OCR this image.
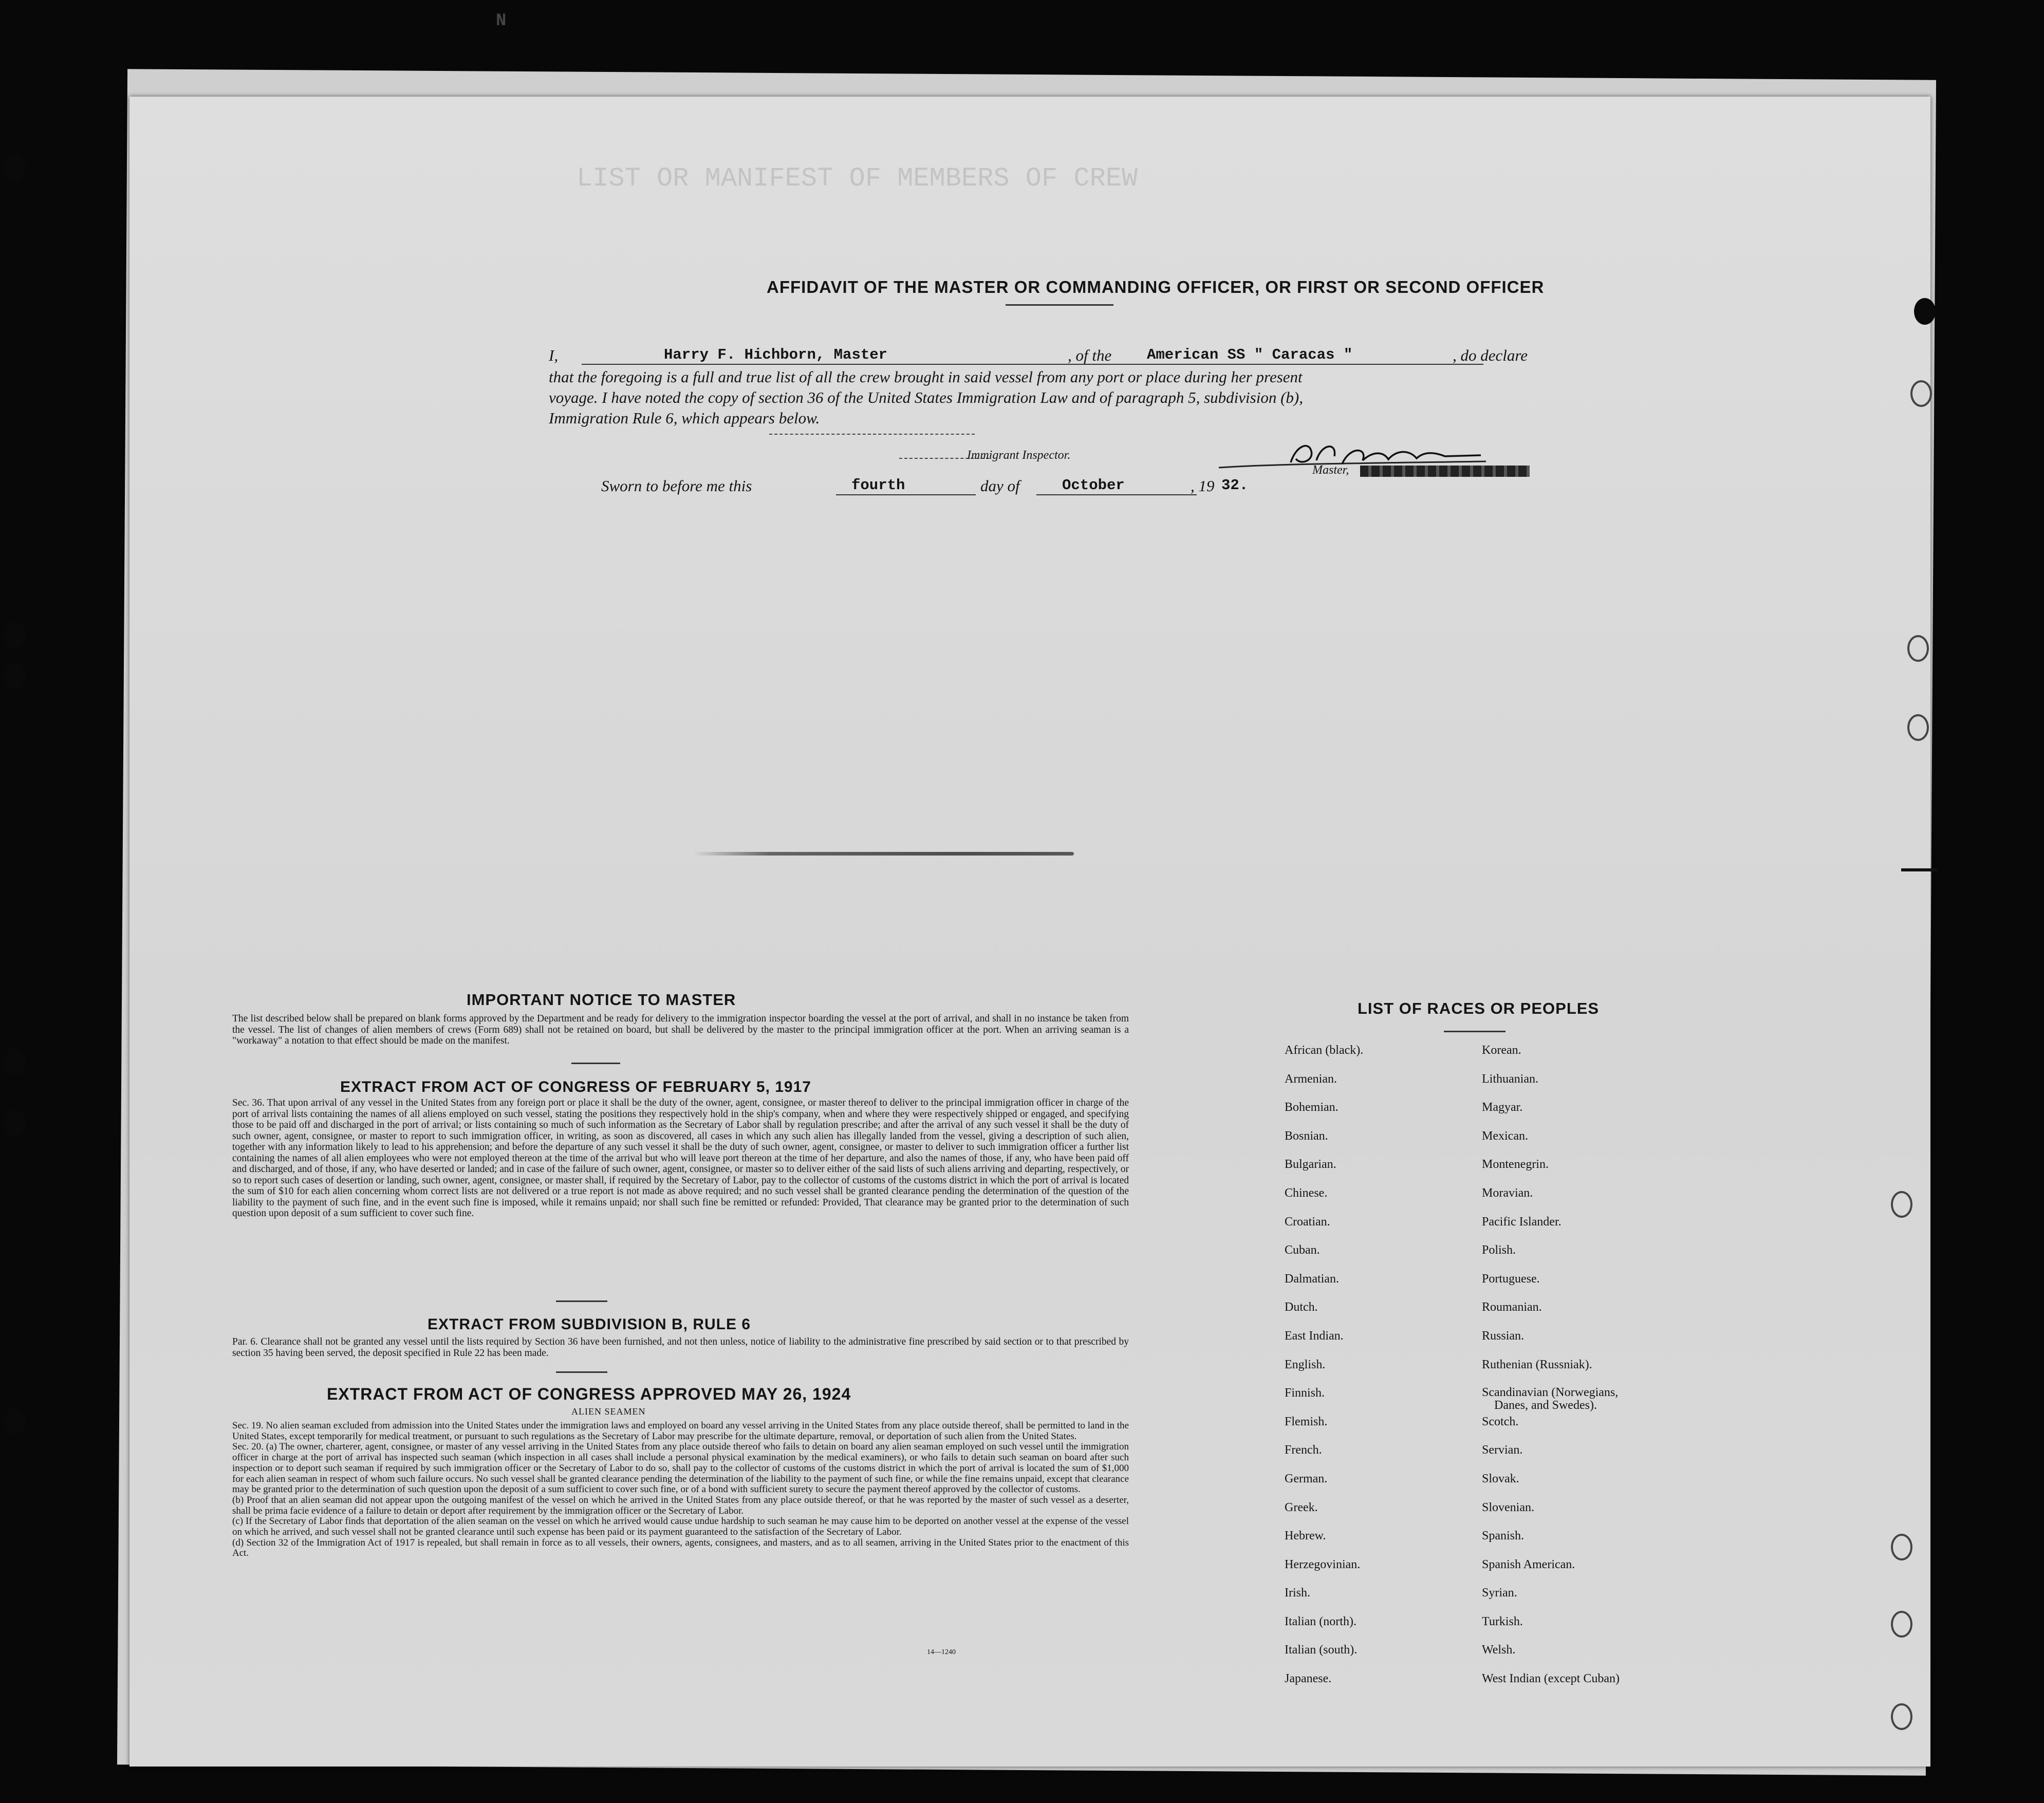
N
LIST OR MANIFEST OF MEMBERS OF CREW
AFFIDAVIT OF THE MASTER OR COMMANDING OFFICER, OR FIRST OR SECOND OFFICER
I,	Harry F. Hichborn, Master	, of the American SS " Caracas "	, do declare
that the foregoing is a full and true list of all the crew brought in said vessel from any port or place during her present
voyage. I have noted the copy of section 36 of the United States Immigration Law and of paragraph 5, subdivision (b),
Immigration Rule 6, which appears below.
Master,
Sworn to before me this	fourth	day of	October	, 19 32.
Immigrant Inspector.
IMPORTANT NOTICE TO MASTER
The list described below shall be prepared on blank forms approved by the Department and be ready for delivery to the immigration inspector boarding the vessel at the port of arrival, and shall in no instance be taken from the vessel. The list of changes of alien members of crews (Form 689) shall not be retained on board, but shall be delivered by the master to the principal immigration officer at the port. When an arriving seaman is a "workaway" a notation to that effect should be made on the manifest.
EXTRACT FROM ACT OF CONGRESS OF FEBRUARY 5, 1917
Sec. 36. That upon arrival of any vessel in the United States from any foreign port or place it shall be the duty of the owner, agent, consignee, or master thereof to deliver to the principal immigration officer in charge of the port of arrival lists containing the names of all aliens employed on such vessel, stating the positions they respectively hold in the ship's company, when and where they were respectively shipped or engaged, and specifying those to be paid off and discharged in the port of arrival; or lists containing so much of such information as the Secretary of Labor shall by regulation prescribe; and after the arrival of any such vessel it shall be the duty of such owner, agent, consignee, or master to report to such immigration officer, in writing, as soon as discovered, all cases in which any such alien has illegally landed from the vessel, giving a description of such alien, together with any information likely to lead to his apprehension; and before the departure of any such vessel it shall be the duty of such owner, agent, consignee, or master to deliver to such immigration officer a further list containing the names of all alien employees who were not employed thereon at the time of the arrival but who will leave port thereon at the time of her departure, and also the names of those, if any, who have been paid off and discharged, and of those, if any, who have deserted or landed; and in case of the failure of such owner, agent, consignee, or master so to deliver either of the said lists of such aliens arriving and departing, respectively, or so to report such cases of desertion or landing, such owner, agent, consignee, or master shall, if required by the Secretary of Labor, pay to the collector of customs of the customs district in which the port of arrival is located the sum of $10 for each alien concerning whom correct lists are not delivered or a true report is not made as above required; and no such vessel shall be granted clearance pending the determination of the question of the liability to the payment of such fine, and in the event such fine is imposed, while it remains unpaid; nor shall such fine be remitted or refunded: Provided, That clearance may be granted prior to the determination of such question upon deposit of a sum sufficient to cover such fine.
EXTRACT FROM SUBDIVISION B, RULE 6
Par. 6. Clearance shall not be granted any vessel until the lists required by Section 36 have been furnished, and not then unless, notice of liability to the administrative fine prescribed by said section or to that prescribed by section 35 having been served, the deposit specified in Rule 22 has been made.
EXTRACT FROM ACT OF CONGRESS APPROVED MAY 26, 1924
ALIEN SEAMEN
Sec. 19. No alien seaman excluded from admission into the United States under the immigration laws and employed on board any vessel arriving in the United States from any place outside thereof, shall be permitted to land in the United States, except temporarily for medical treatment, or pursuant to such regulations as the Secretary of Labor may prescribe for the ultimate departure, removal, or deportation of such alien from the United States.
Sec. 20. (a) The owner, charterer, agent, consignee, or master of any vessel arriving in the United States from any place outside thereof who fails to detain on board any alien seaman employed on such vessel until the immigration officer in charge at the port of arrival has inspected such seaman (which inspection in all cases shall include a personal physical examination by the medical examiners), or who fails to detain such seaman on board after such inspection or to deport such seaman if required by such immigration officer or the Secretary of Labor to do so, shall pay to the collector of customs of the customs district in which the port of arrival is located the sum of $1,000 for each alien seaman in respect of whom such failure occurs. No such vessel shall be granted clearance pending the determination of the liability to the payment of such fine, or while the fine remains unpaid, except that clearance may be granted prior to the determination of such question upon the deposit of a sum sufficient to cover such fine, or of a bond with sufficient surety to secure the payment thereof approved by the collector of customs.
(b) Proof that an alien seaman did not appear upon the outgoing manifest of the vessel on which he arrived in the United States from any place outside thereof, or that he was reported by the master of such vessel as a deserter, shall be prima facie evidence of a failure to detain or deport after requirement by the immigration officer or the Secretary of Labor.
(c) If the Secretary of Labor finds that deportation of the alien seaman on the vessel on which he arrived would cause undue hardship to such seaman he may cause him to be deported on another vessel at the expense of the vessel on which he arrived, and such vessel shall not be granted clearance until such expense has been paid or its payment guaranteed to the satisfaction of the Secretary of Labor.
(d) Section 32 of the Immigration Act of 1917 is repealed, but shall remain in force as to all vessels, their owners, agents, consignees, and masters, and as to all seamen, arriving in the United States prior to the enactment of this Act.
14—1240
LIST OF RACES OR PEOPLES
African (black).
Armenian.
Bohemian.
Bosnian.
Bulgarian.
Chinese.
Croatian.
Cuban.
Dalmatian.
Dutch.
East Indian.
English.
Finnish.
Flemish.
French.
German.
Greek.
Hebrew.
Herzegovinian.
Irish.
Italian (north).
Italian (south).
Japanese.
Korean.
Lithuanian.
Magyar.
Mexican.
Montenegrin.
Moravian.
Pacific Islander.
Polish.
Portuguese.
Roumanian.
Russian.
Ruthenian (Russniak).
Scandinavian (Norwegians,
Danes, and Swedes).
Scotch.
Servian.
Slovak.
Slovenian.
Spanish.
Spanish American.
Syrian.
Turkish.
Welsh.
West Indian (except Cuban)
